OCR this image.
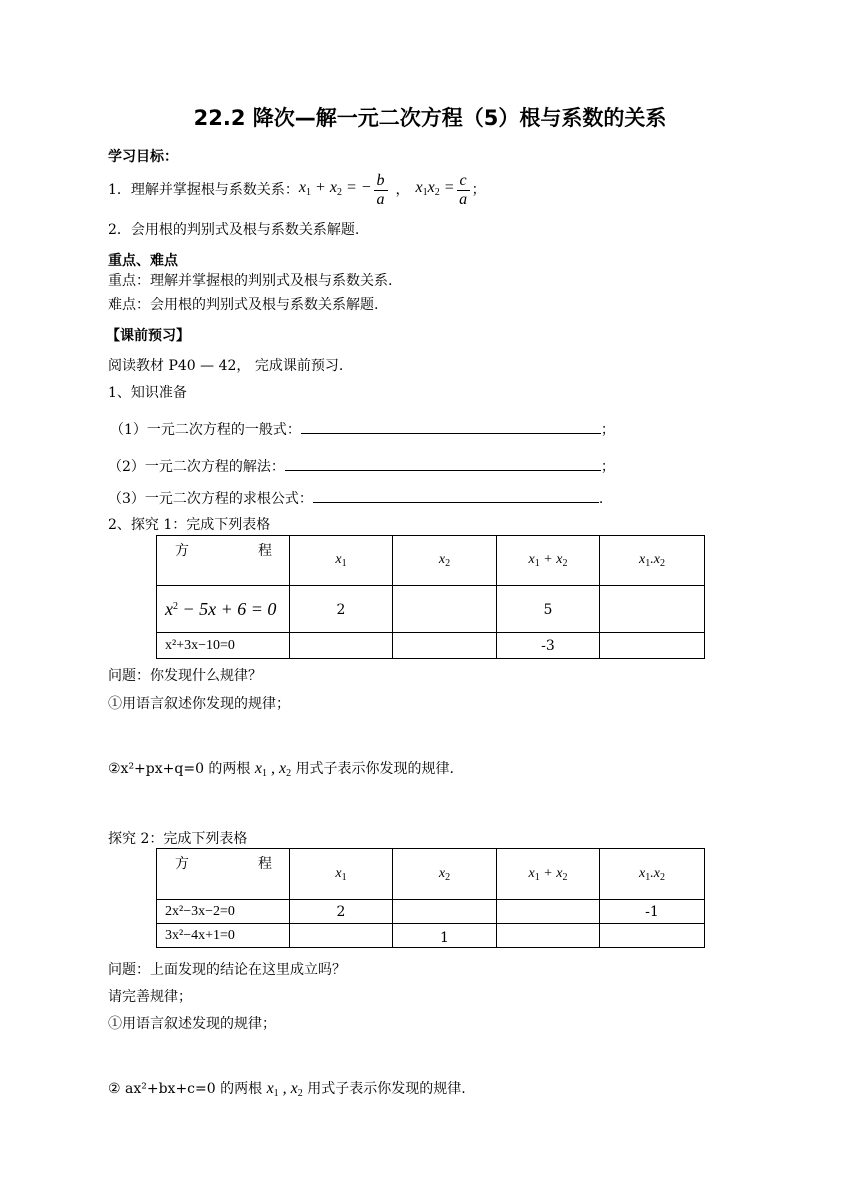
22.2 降次—解一元二次方程（5）根与系数的关系
学习目标：
1．理解并掌握根与系数关系： $x_1 + x_2$ = − $\frac{b}{a}$ ， $x_1x_2 = \frac{c}{a}$ ；
2．会用根的判别式及根与系数关系解题.
重点、难点
重点：理解并掌握根的判别式及根与系数关系.
难点：会用根的判别式及根与系数关系解题.
【课前预习】
阅读教材 P40 — 42， 完成课前预习.
1、知识准备
（1）一元二次方程的一般式：	；
（2）一元二次方程的解法：	；
（3）一元二次方程的求根公式：	.
2、探究 1：完成下列表格
方 程	$x_1$	$x_2$	$x_1 + x_2$	$x_1.x_2$
$x^2 - 5x + 6 = 0$	2		5	
x²+3x−10=0			-3	
问题：你发现什么规律？
①用语言叙述你发现的规律；
②x²+px+q=0 的两根 $x_1$ , $x_2$ 用式子表示你发现的规律.
探究 2：完成下列表格
方 程	$x_1$	$x_2$	$x_1 + x_2$	$x_1.x_2$
2x²−3x−2=0	2			-1
3x²−4x+1=0		1		
问题：上面发现的结论在这里成立吗？
请完善规律；
①用语言叙述发现的规律；
② ax²+bx+c=0 的两根 $x_1$ , $x_2$ 用式子表示你发现的规律.
